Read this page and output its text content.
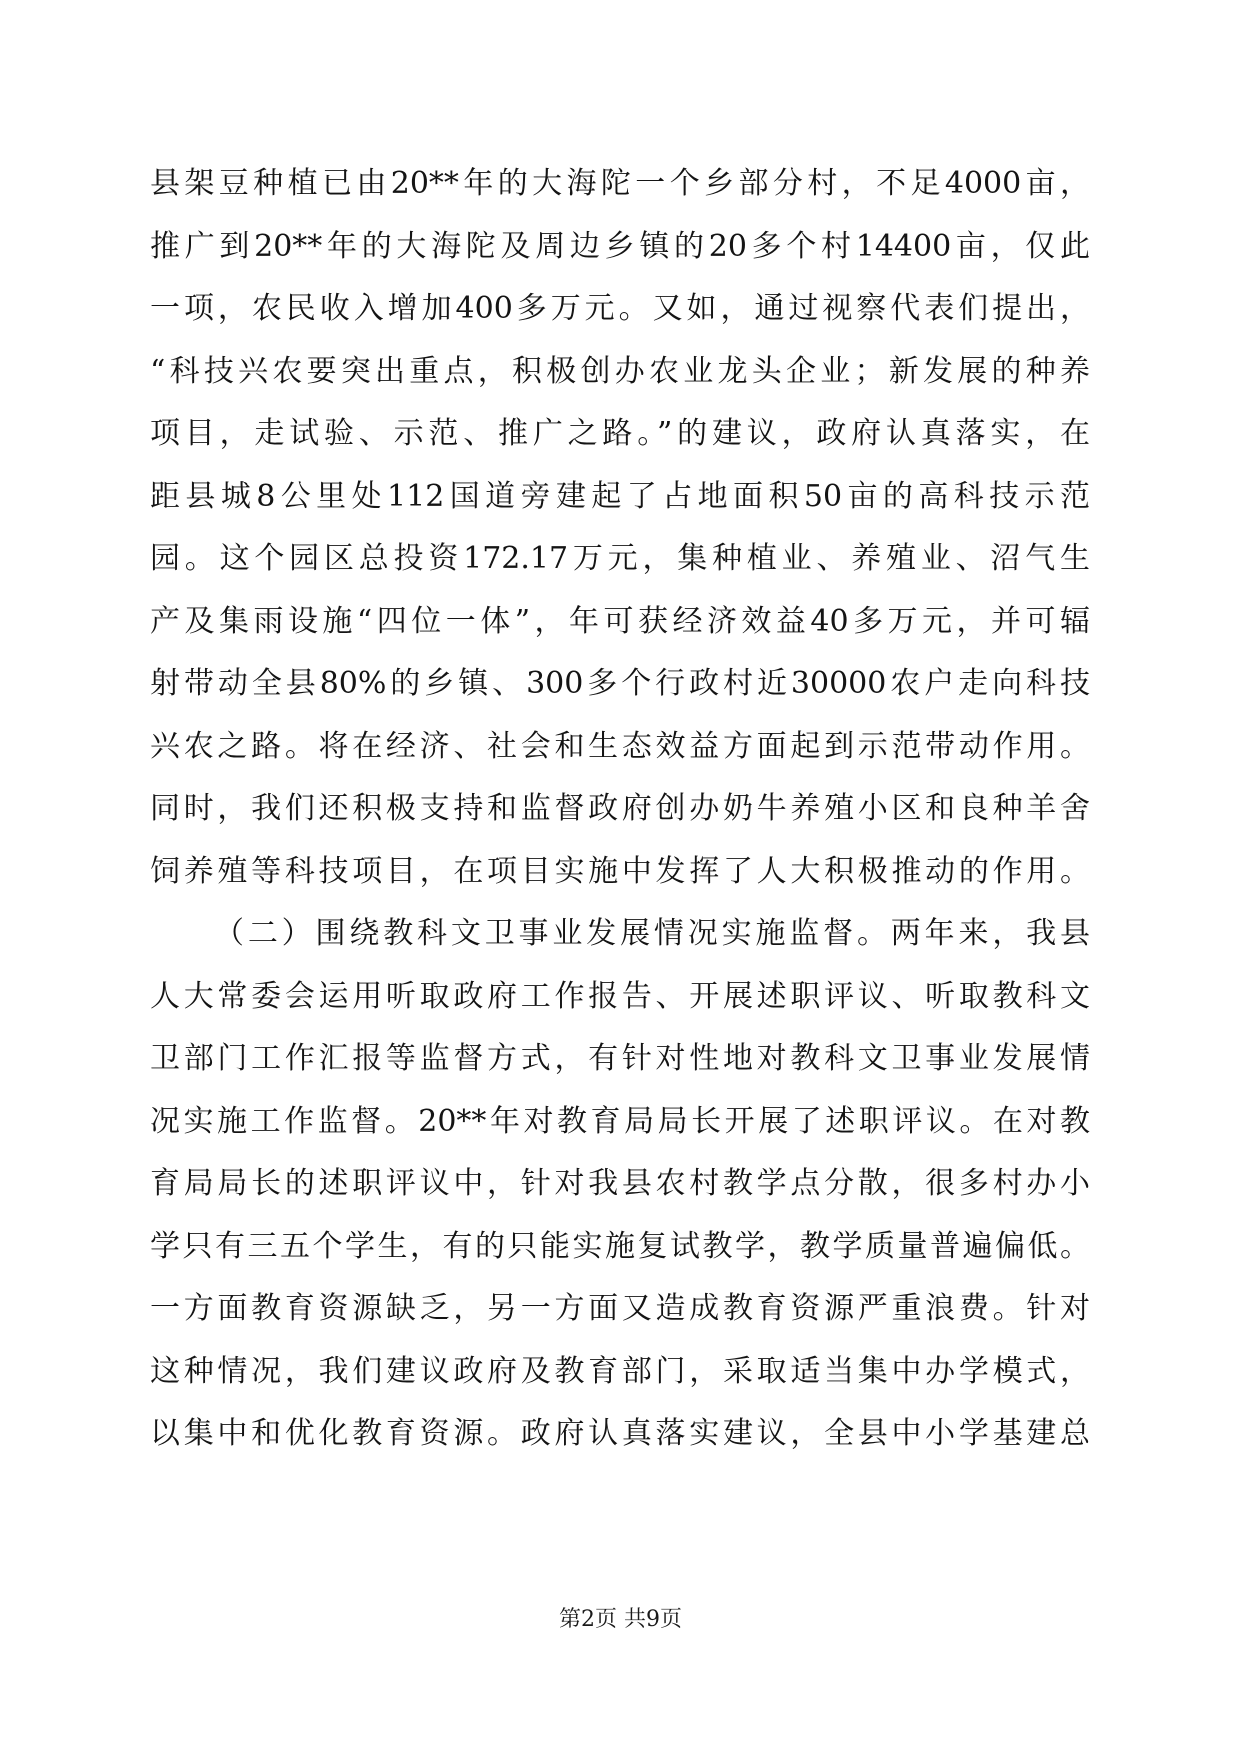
县架豆种植已由20**年的大海陀一个乡部分村，不足4000亩，
推广到20**年的大海陀及周边乡镇的20多个村14400亩，仅此
一项，农民收入增加400多万元。又如，通过视察代表们提出，
“科技兴农要突出重点，积极创办农业龙头企业；新发展的种养
项目，走试验、示范、推广之路。”的建议，政府认真落实，在
距县城8公里处112国道旁建起了占地面积50亩的高科技示范
园。这个园区总投资172.17万元，集种植业、养殖业、沼气生
产及集雨设施“四位一体”，年可获经济效益40多万元，并可辐
射带动全县80%的乡镇、300多个行政村近30000农户走向科技
兴农之路。将在经济、社会和生态效益方面起到示范带动作用。
同时，我们还积极支持和监督政府创办奶牛养殖小区和良种羊舍
饲养殖等科技项目，在项目实施中发挥了人大积极推动的作用。
（二）围绕教科文卫事业发展情况实施监督。两年来，我县
人大常委会运用听取政府工作报告、开展述职评议、听取教科文
卫部门工作汇报等监督方式，有针对性地对教科文卫事业发展情
况实施工作监督。20**年对教育局局长开展了述职评议。在对教
育局局长的述职评议中，针对我县农村教学点分散，很多村办小
学只有三五个学生，有的只能实施复试教学，教学质量普遍偏低。
一方面教育资源缺乏，另一方面又造成教育资源严重浪费。针对
这种情况，我们建议政府及教育部门，采取适当集中办学模式，
以集中和优化教育资源。政府认真落实建议，全县中小学基建总
第2页 共9页
